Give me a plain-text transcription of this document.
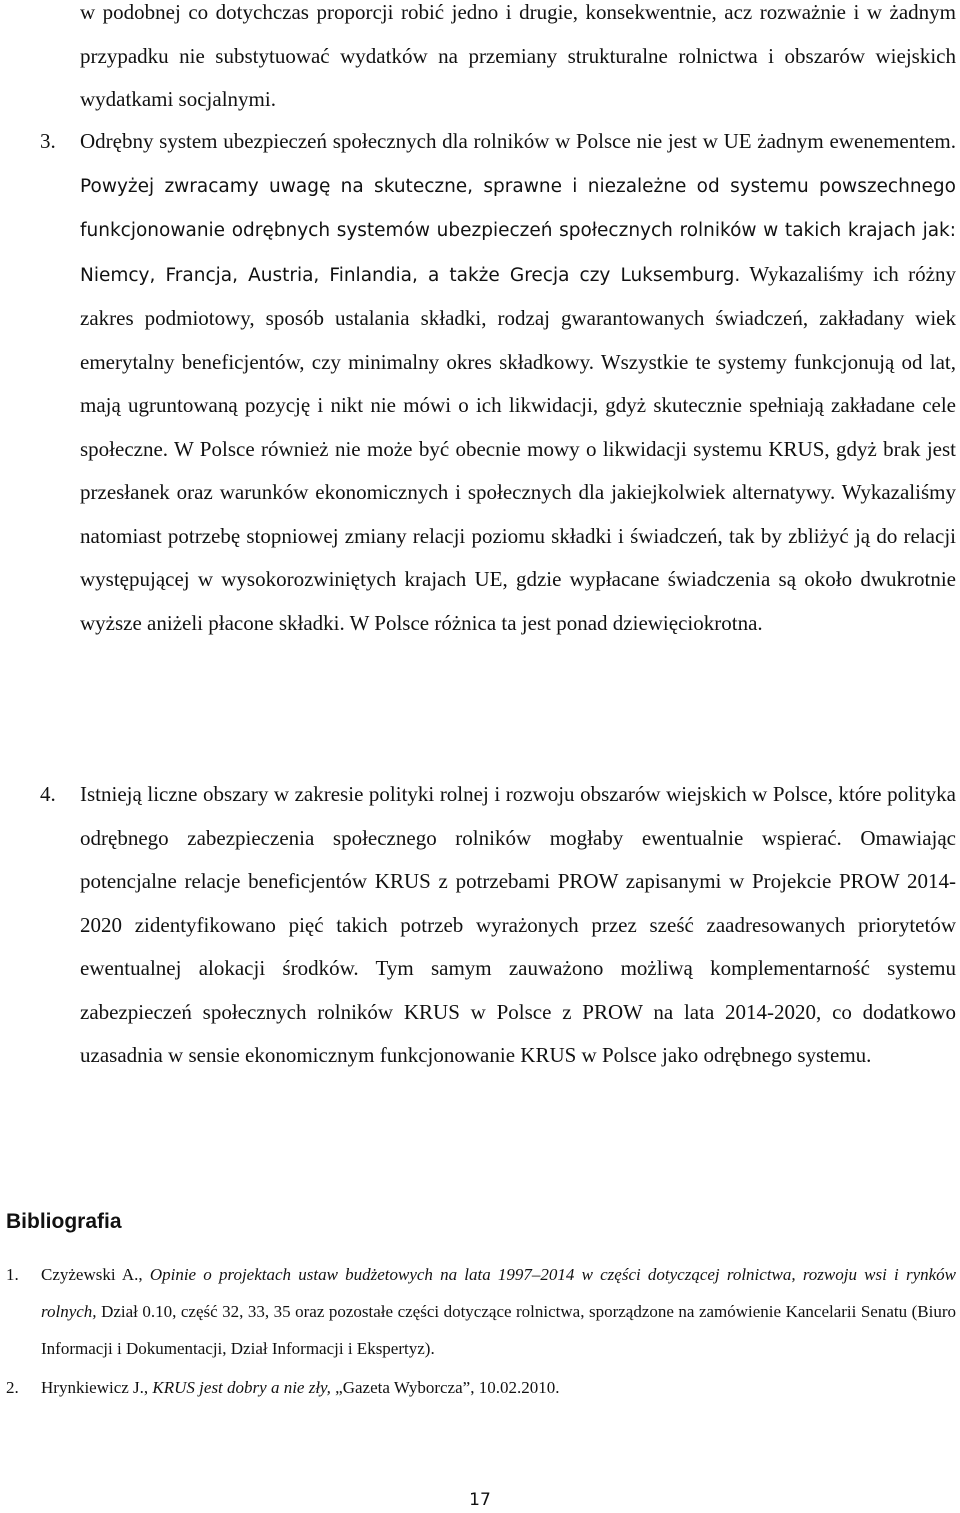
w podobnej co dotychczas proporcji robić jedno i drugie, konsekwentnie, acz rozważnie i w żadnym przypadku nie substytuować wydatków na przemiany strukturalne rolnictwa i obszarów wiejskich wydatkami socjalnymi.

3.	Odrębny system ubezpieczeń społecznych dla rolników w Polsce nie jest w UE żadnym ewenementem. Powyżej zwracamy uwagę na skuteczne, sprawne i niezależne od systemu powszechnego funkcjonowanie odrębnych systemów ubezpieczeń społecznych rolników w takich krajach jak: Niemcy, Francja, Austria, Finlandia, a także Grecja czy Luksemburg. Wykazaliśmy ich różny zakres podmiotowy, sposób ustalania składki, rodzaj gwarantowanych świadczeń, zakładany wiek emerytalny beneficjentów, czy minimalny okres składkowy. Wszystkie te systemy funkcjonują od lat, mają ugruntowaną pozycję i nikt nie mówi o ich likwidacji, gdyż skutecznie spełniają zakładane cele społeczne. W Polsce również nie może być obecnie mowy o likwidacji systemu KRUS, gdyż brak jest przesłanek oraz warunków ekonomicznych i społecznych dla jakiejkolwiek alternatywy. Wykazaliśmy natomiast potrzebę stopniowej zmiany relacji poziomu składki i świadczeń, tak by zbliżyć ją do relacji występującej w wysokorozwiniętych krajach UE, gdzie wypłacane świadczenia są około dwukrotnie wyższe aniżeli płacone składki. W Polsce różnica ta jest ponad dziewięciokrotna.
4.	Istnieją liczne obszary w zakresie polityki rolnej i rozwoju obszarów wiejskich w Polsce, które polityka odrębnego zabezpieczenia społecznego rolników mogłaby ewentualnie wspierać. Omawiając potencjalne relacje beneficjentów KRUS z potrzebami PROW zapisanymi w Projekcie PROW 2014-2020 zidentyfikowano pięć takich potrzeb wyrażonych przez sześć zaadresowanych priorytetów ewentualnej alokacji środków. Tym samym zauważono możliwą komplementarność systemu zabezpieczeń społecznych rolników KRUS w Polsce z PROW na lata 2014-2020, co dodatkowo uzasadnia w sensie ekonomicznym funkcjonowanie KRUS w Polsce jako odrębnego systemu.
Bibliografia
1. Czyżewski A., Opinie o projektach ustaw budżetowych na lata 1997–2014 w części dotyczącej rolnictwa, rozwoju wsi i rynków rolnych, Dział 0.10, część 32, 33, 35 oraz pozostałe części dotyczące rolnictwa, sporządzone na zamówienie Kancelarii Senatu (Biuro Informacji i Dokumentacji, Dział Informacji i Ekspertyz).
2. Hrynkiewicz J., KRUS jest dobry a nie zły, „Gazeta Wyborcza”, 10.02.2010.
17
